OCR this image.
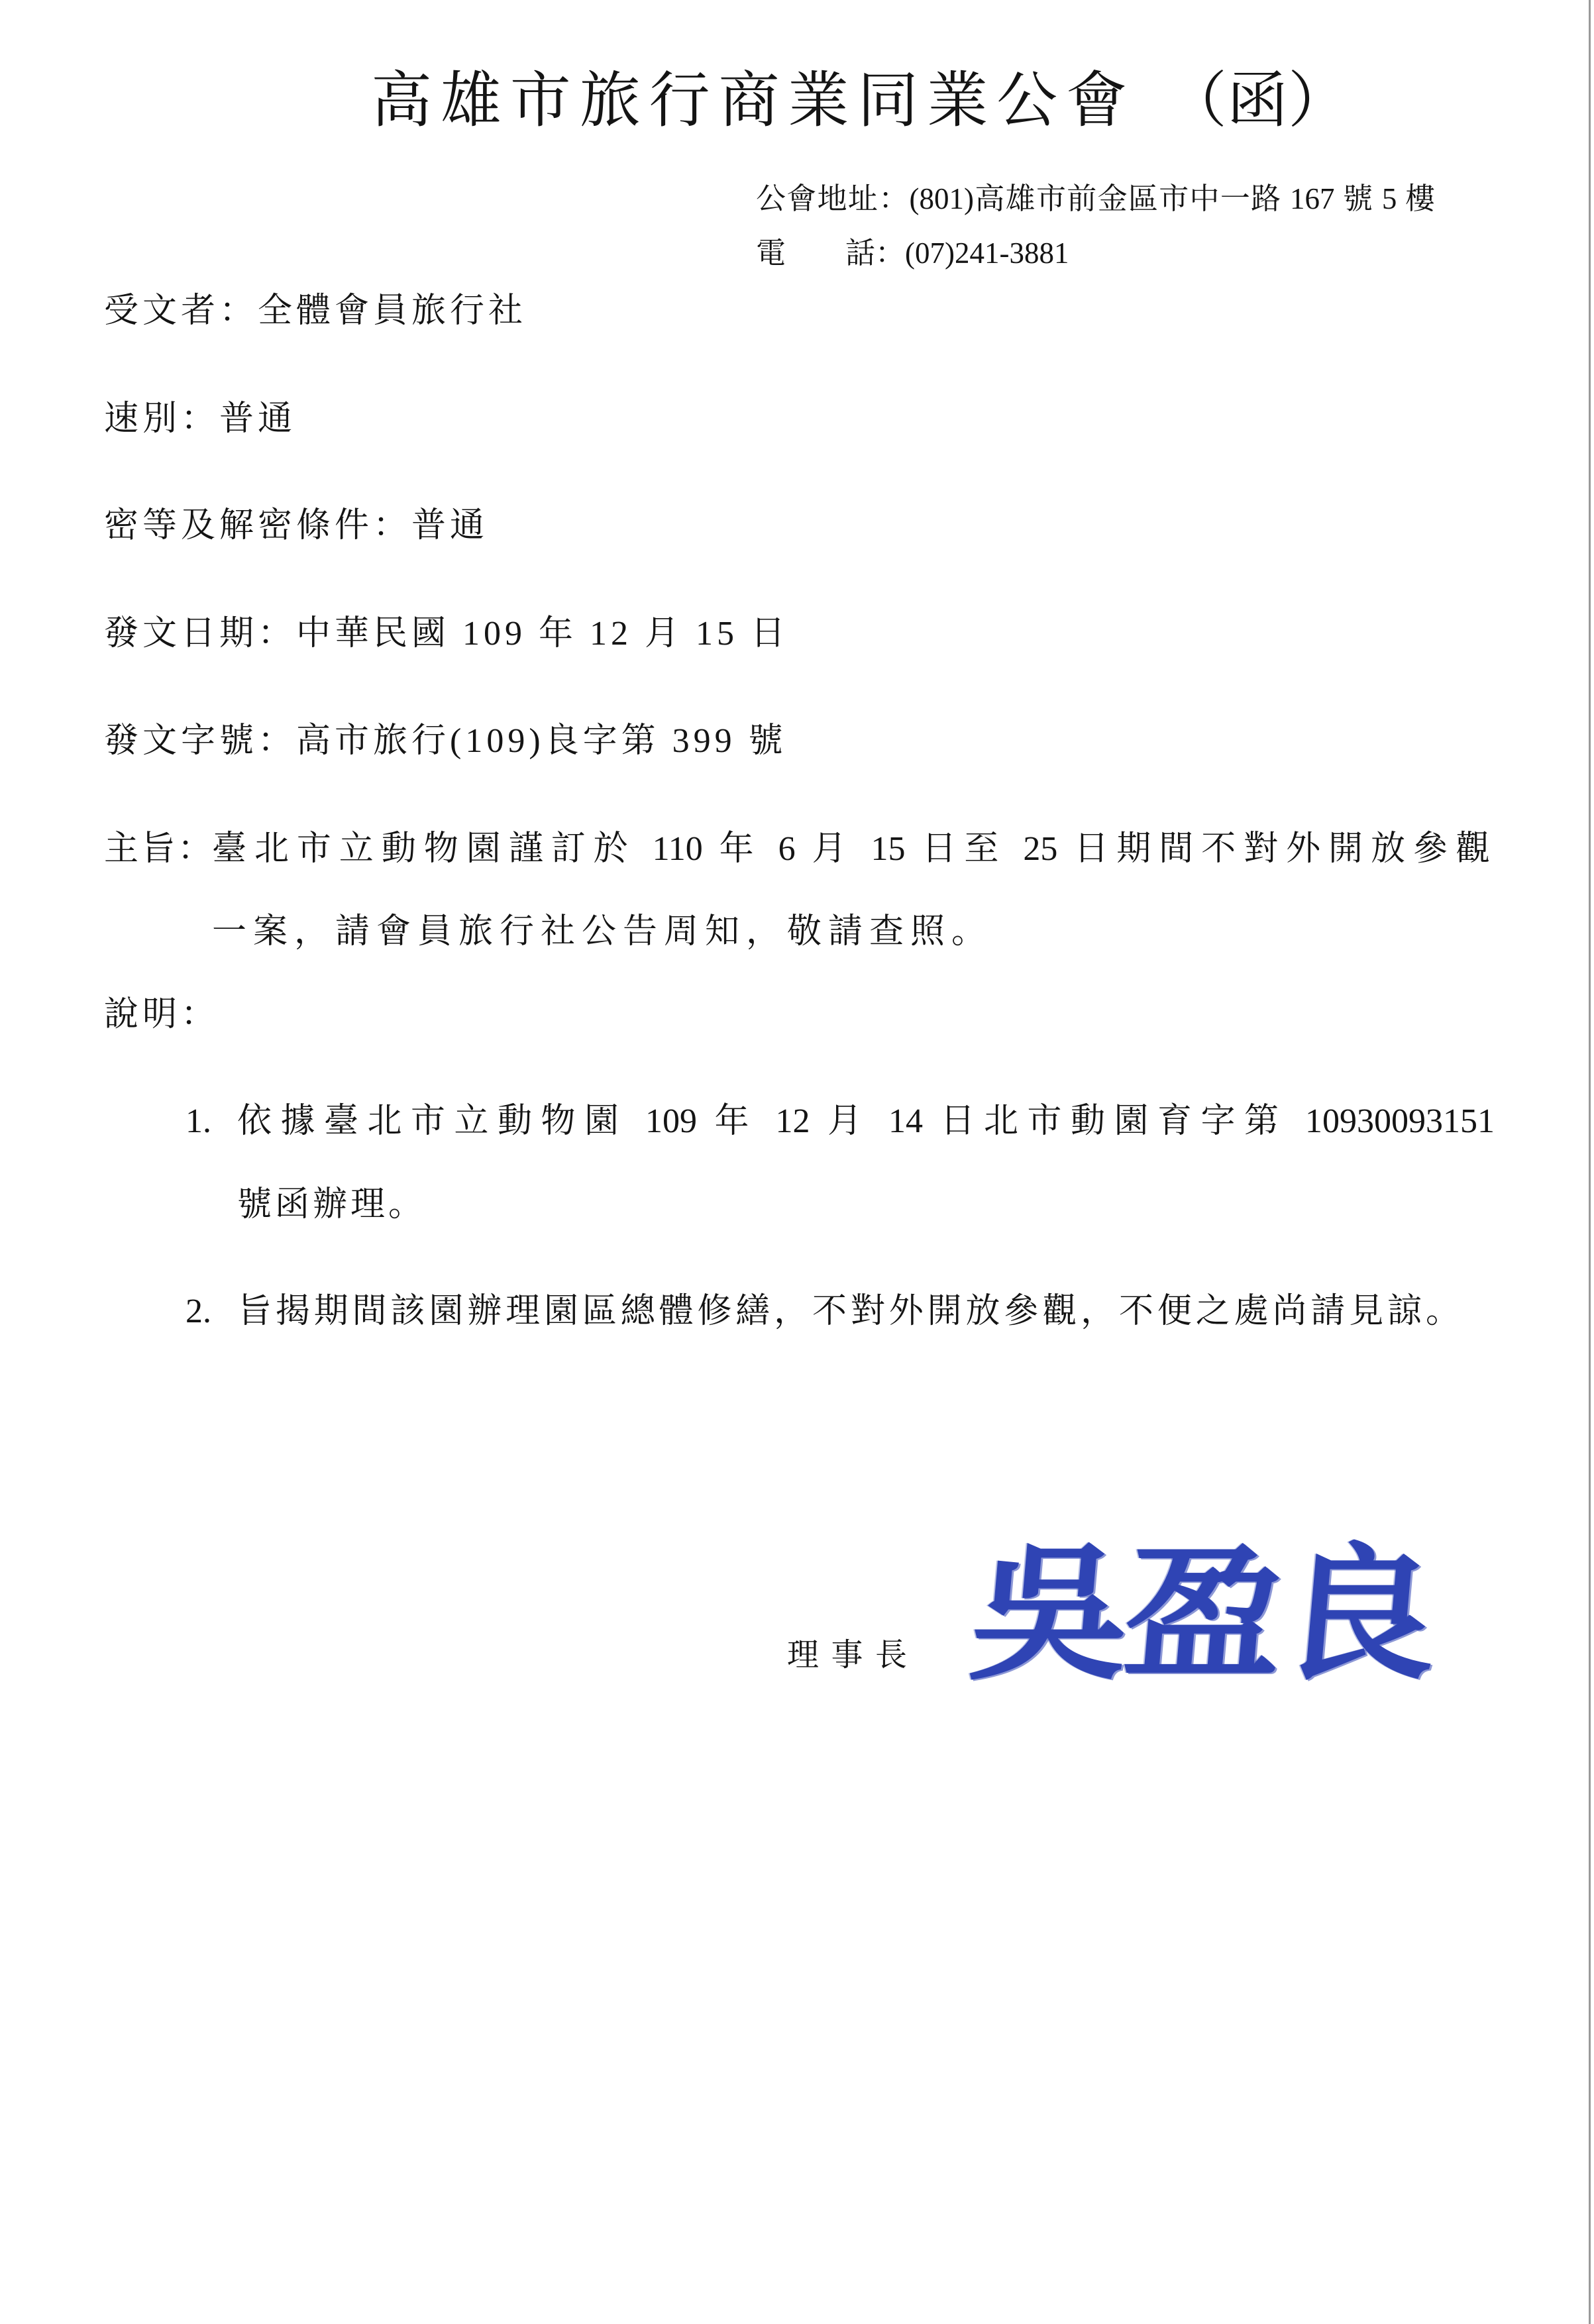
高雄市旅行商業同業公會 （函）
公會地址：(801)高雄市前金區市中一路 167 號 5 樓
電　　話：(07)241-3881
受文者：全體會員旅行社
速別：普通
密等及解密條件：普通
發文日期：中華民國 109 年 12 月 15 日
發文字號：高市旅行(109)良字第 399 號
主旨： 臺北市立動物園謹訂於 110 年 6 月 15 日至 25 日期間不對外開放參觀
一案，請會員旅行社公告周知，敬請查照。
說明：
1. 依據臺北市立動物園 109 年 12 月 14 日北市動園育字第 10930093151
號函辦理。
2. 旨揭期間該園辦理園區總體修繕，不對外開放參觀，不便之處尚請見諒。
理事長 吳盈良
